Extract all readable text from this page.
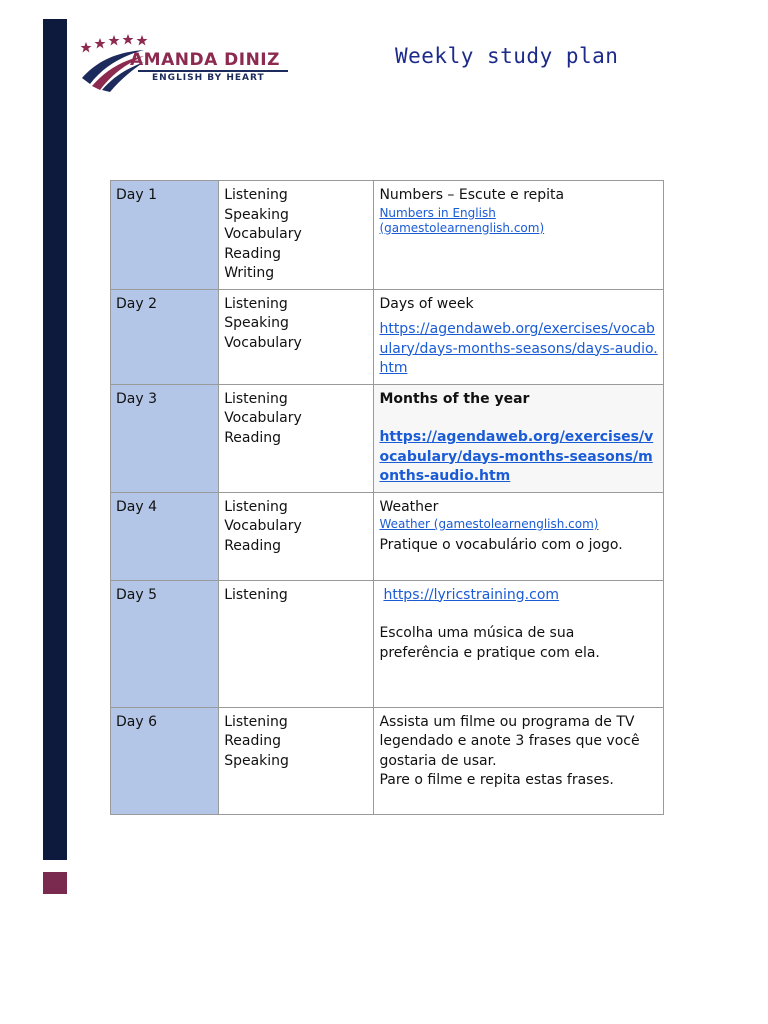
AMANDA DINIZ
ENGLISH BY HEART
Weekly study plan
Day 1	Listening
Speaking
Vocabulary
Reading
Writing	Numbers – Escute e repita
Numbers in English (gamestolearnenglish.com)

Day 2	Listening
Speaking
Vocabulary	Days of week
https://agendaweb.org/exercises/vocabulary/days-months-seasons/days-audio.htm

Day 3	Listening
Vocabulary
Reading	Months of the year
https://agendaweb.org/exercises/vocabulary/days-months-seasons/months-audio.htm

Day 4	Listening
Vocabulary
Reading	Weather
Weather (gamestolearnenglish.com)
Pratique o vocabulário com o jogo.

Day 5	Listening	https://lyricstraining.com
Escolha uma música de sua preferência e pratique com ela.

Day 6	Listening
Reading
Speaking	Assista um filme ou programa de TV legendado e anote 3 frases que você gostaria de usar.
Pare o filme e repita estas frases.
